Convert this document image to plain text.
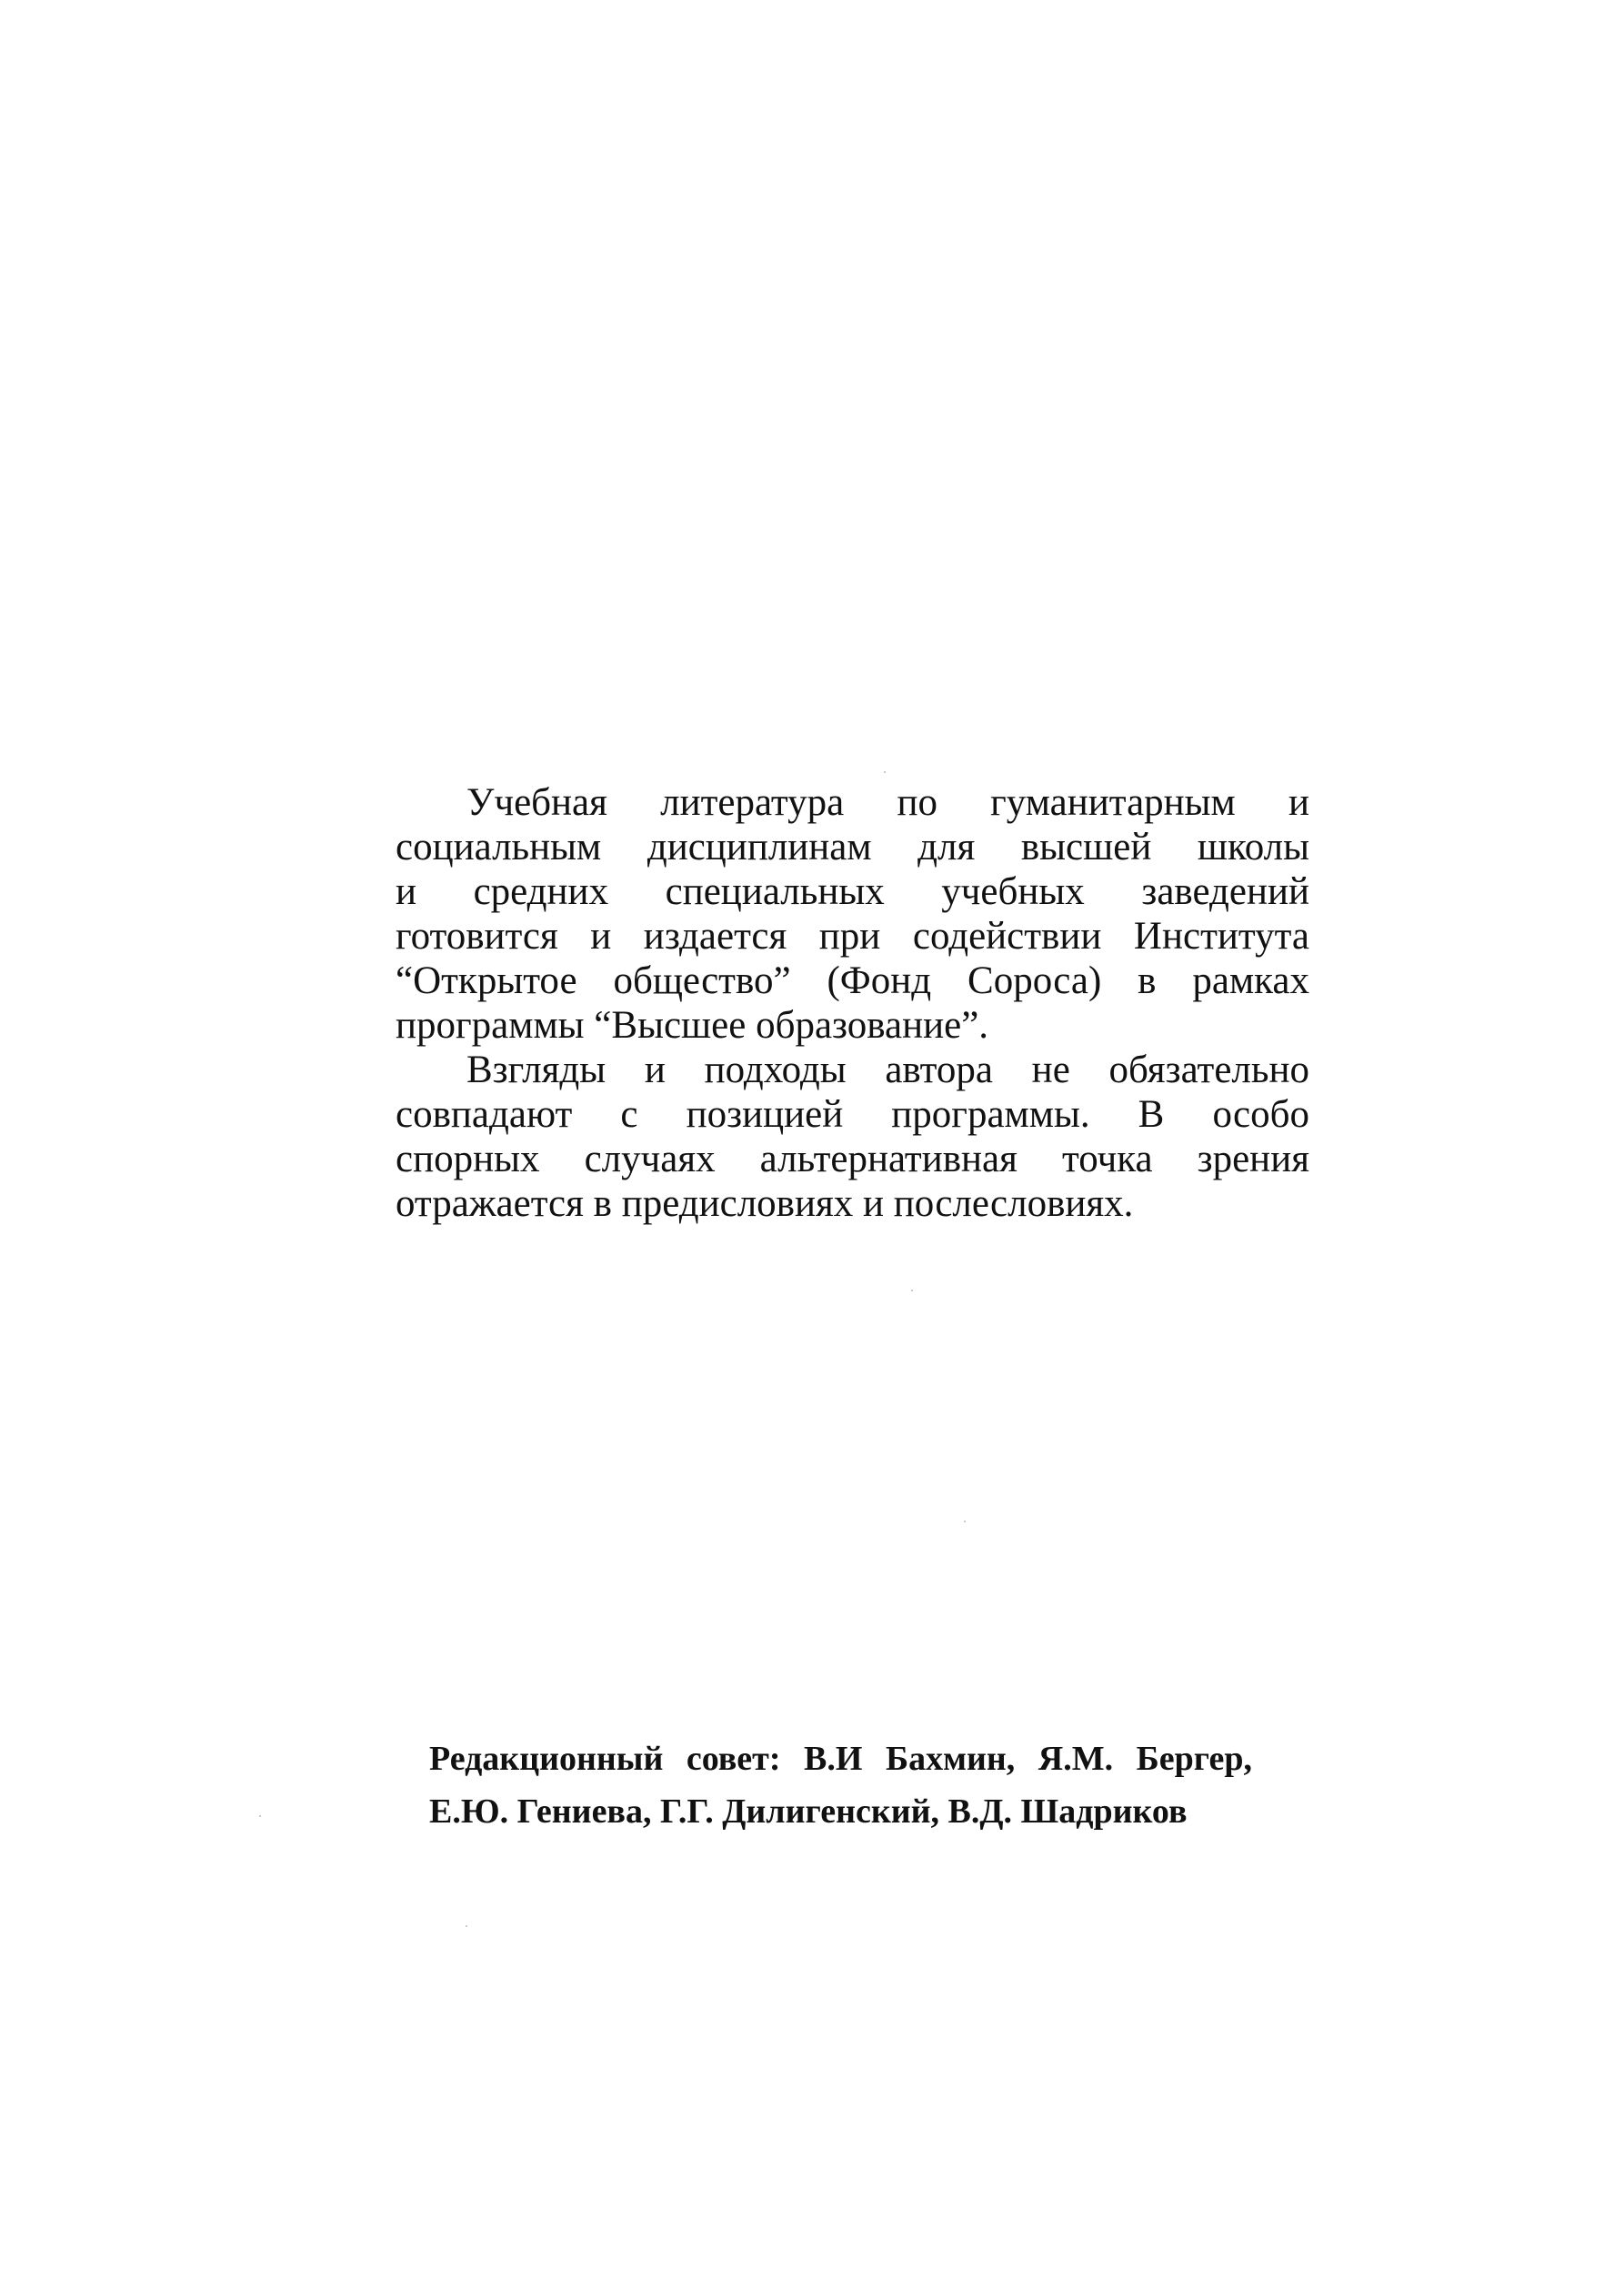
Учебная литература по гуманитарным и
социальным дисциплинам для высшей школы
и средних специальных учебных заведений
готовится и издается при содействии Института
“Открытое общество” (Фонд Сороса) в рамках
программы “Высшее образование”.
Взгляды и подходы автора не обязательно
совпадают с позицией программы. В особо
спорных случаях альтернативная точка зрения
отражается в предисловиях и послесловиях.
Редакционный совет: В.И Бахмин, Я.М. Бергер,
Е.Ю. Гениева, Г.Г. Дилигенский, В.Д. Шадриков
